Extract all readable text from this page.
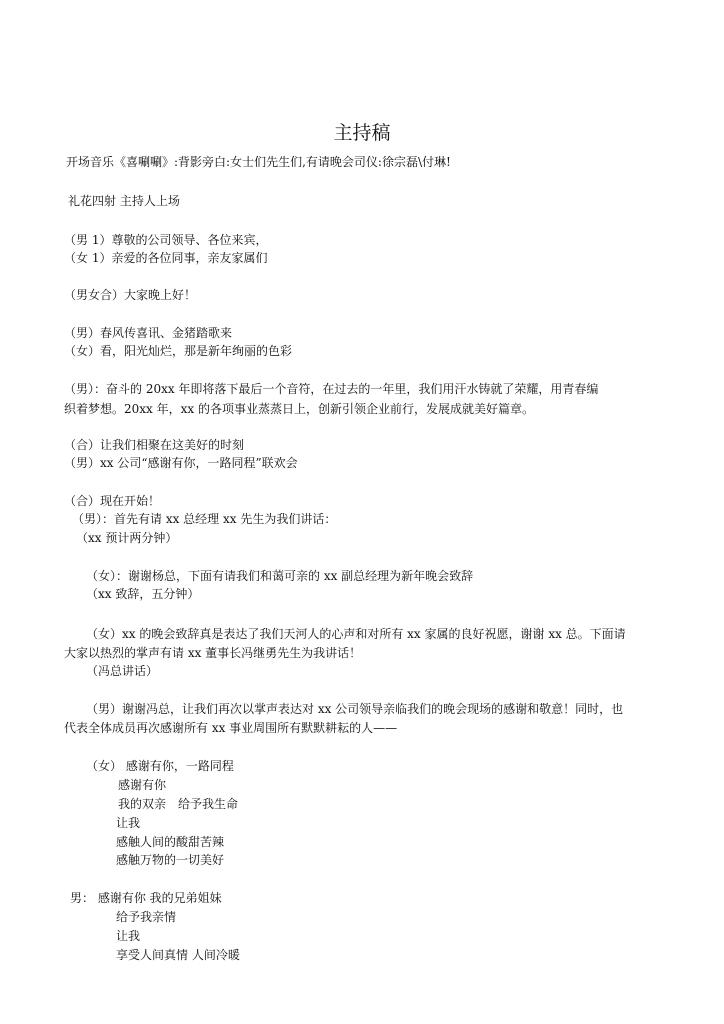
主持稿
开场音乐《喜唰唰》:背影旁白:女士们先生们,有请晚会司仪:徐宗磊\付琳!
礼花四射 主持人上场
（男 1）尊敬的公司领导、各位来宾，
（女 1）亲爱的各位同事，亲友家属们
（男女合）大家晚上好！
（男）春风传喜讯、金猪踏歌来
（女）看，阳光灿烂，那是新年绚丽的色彩
（男）：奋斗的 20xx 年即将落下最后一个音符，在过去的一年里，我们用汗水铸就了荣耀，用青春编
织着梦想。20xx 年，xx 的各项事业蒸蒸日上，创新引领企业前行，发展成就美好篇章。
（合）让我们相聚在这美好的时刻
（男）xx 公司“感谢有你，一路同程”联欢会
（合）现在开始！
（男）：首先有请 xx 总经理 xx 先生为我们讲话：
（xx 预计两分钟）
（女）：谢谢杨总，下面有请我们和蔼可亲的 xx 副总经理为新年晚会致辞
（xx 致辞，五分钟）
（女）xx 的晚会致辞真是表达了我们天河人的心声和对所有 xx 家属的良好祝愿，谢谢 xx 总。下面请
大家以热烈的掌声有请 xx 董事长冯继勇先生为我讲话！
（冯总讲话）
（男）谢谢冯总，让我们再次以掌声表达对 xx 公司领导亲临我们的晚会现场的感谢和敬意！同时，也
代表全体成员再次感谢所有 xx 事业周围所有默默耕耘的人——
（女） 感谢有你，一路同程
感谢有你
我的双亲　给予我生命
让我
感触人间的酸甜苦辣
感触万物的一切美好
男： 感谢有你 我的兄弟姐妹
给予我亲情
让我
享受人间真情 人间冷暖
